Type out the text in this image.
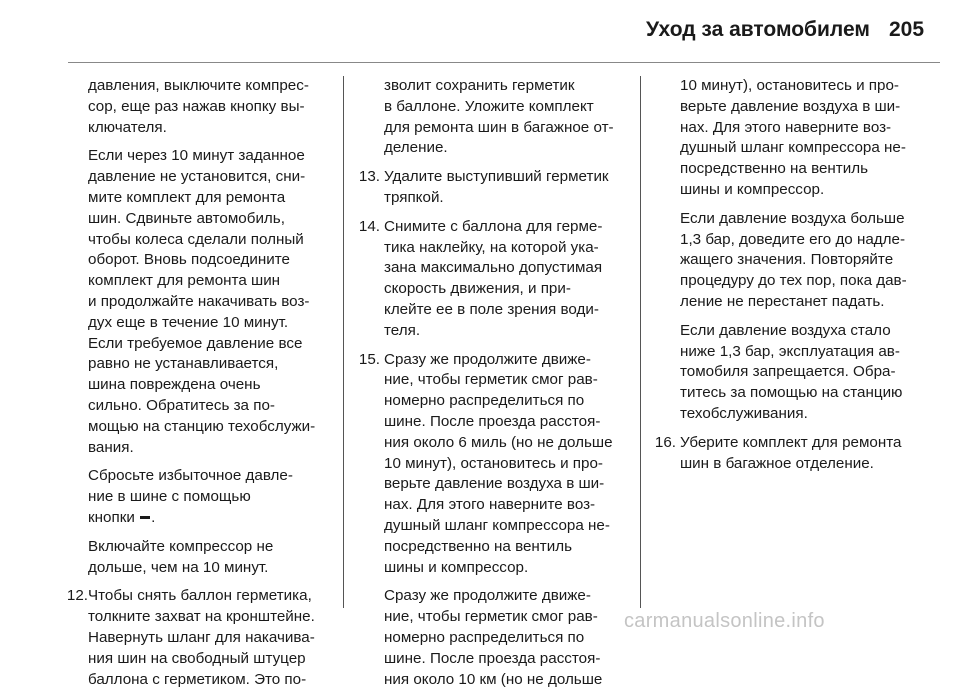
Уход за автомобилем 205

давления, выключите компрес-
сор, еще раз нажав кнопку вы-
ключателя.

Если через 10 минут заданное
давление не установится, сни-
мите комплект для ремонта
шин. Сдвиньте автомобиль,
чтобы колеса сделали полный
оборот. Вновь подсоедините
комплект для ремонта шин
и продолжайте накачивать воз-
дух еще в течение 10 минут.
Если требуемое давление все
равно не устанавливается,
шина повреждена очень
сильно. Обратитесь за по-
мощью на станцию техобслужи-
вания.

Сбросьте избыточное давле-
ние в шине с помощью
кнопки .

Включайте компрессор не
дольше, чем на 10 минут.

12. Чтобы снять баллон герметика,
толкните захват на кронштейне.
Навернуть шланг для накачива-
ния шин на свободный штуцер
баллона с герметиком. Это по-

зволит сохранить герметик
в баллоне. Уложите комплект
для ремонта шин в багажное от-
деление.

13. Удалите выступивший герметик
тряпкой.
14. Снимите с баллона для герме-
тика наклейку, на которой ука-
зана максимально допустимая
скорость движения, и при-
клейте ее в поле зрения води-
теля.
15. Сразу же продолжите движе-
ние, чтобы герметик смог рав-
номерно распределиться по
шине. После проезда расстоя-
ния около 6 миль (но не дольше
10 минут), остановитесь и про-
верьте давление воздуха в ши-
нах. Для этого наверните воз-
душный шланг компрессора не-
посредственно на вентиль
шины и компрессор.

Сразу же продолжите движе-
ние, чтобы герметик смог рав-
номерно распределиться по
шине. После проезда расстоя-
ния около 10 км (но не дольше

10 минут), остановитесь и про-
верьте давление воздуха в ши-
нах. Для этого наверните воз-
душный шланг компрессора не-
посредственно на вентиль
шины и компрессор.

Если давление воздуха больше
1,3 бар, доведите его до надле-
жащего значения. Повторяйте
процедуру до тех пор, пока дав-
ление не перестанет падать.

Если давление воздуха стало
ниже 1,3 бар, эксплуатация ав-
томобиля запрещается. Обра-
титесь за помощью на станцию
техобслуживания.

16. Уберите комплект для ремонта
шин в багажное отделение.
carmanualsonline.info
